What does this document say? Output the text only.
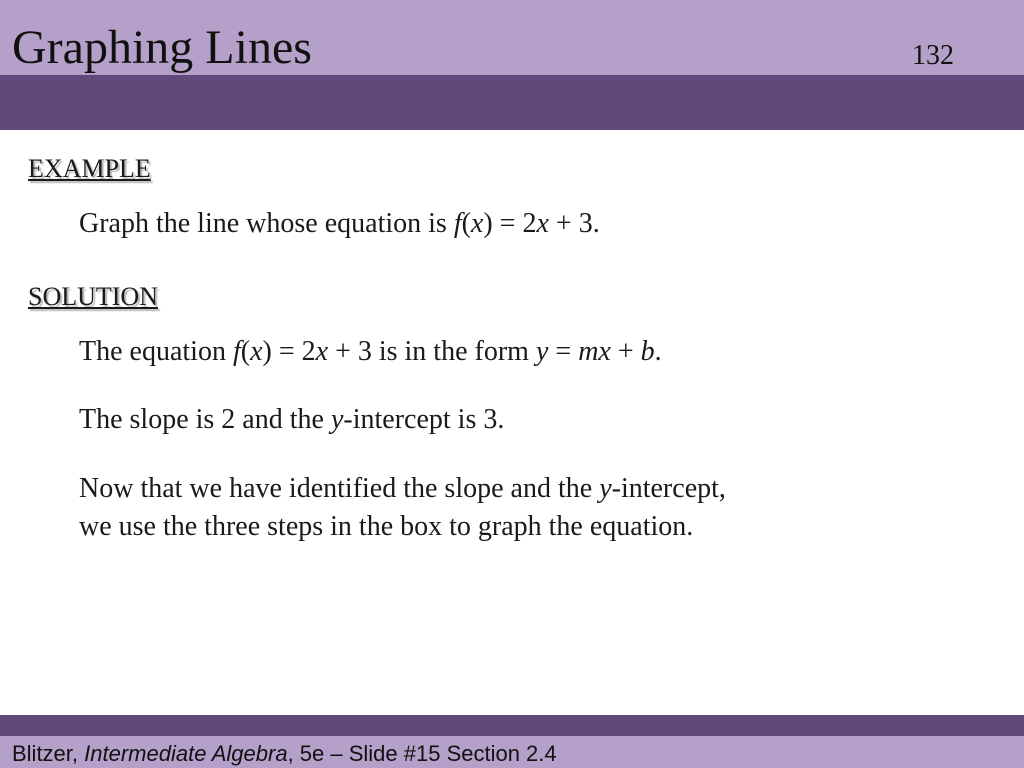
Graphing Lines	132
EXAMPLE
Graph the line whose equation is f(x) = 2x + 3.
SOLUTION
The equation f(x) = 2x + 3 is in the form y = mx + b.
The slope is 2 and the y-intercept is 3.
Now that we have identified the slope and the y-intercept,
we use the three steps in the box to graph the equation.
Blitzer, Intermediate Algebra, 5e – Slide #15 Section 2.4
